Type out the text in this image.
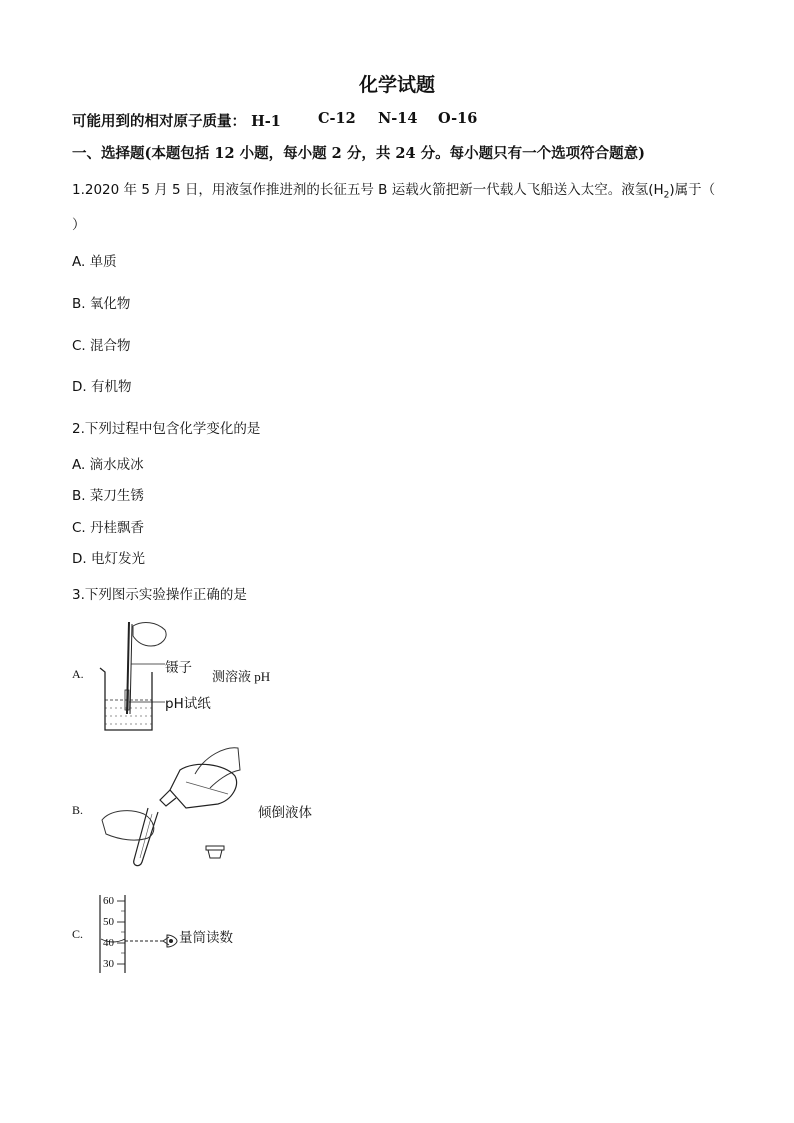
化学试题
可能用到的相对原子质量： H-1	C-12 N-14 O-16
一、选择题(本题包括 12 小题，每小题 2 分，共 24 分。每小题只有一个选项符合题意)
1.2020 年 5 月 5 日，用液氢作推进剂的长征五号 B 运载火箭把新一代载人飞船送入太空。液氢$(H_2)$属于（
）
A. 单质
B. 氧化物
C. 混合物
D. 有机物
2.下列过程中包含化学变化的是
A. 滴水成冰
B. 菜刀生锈
C. 丹桂飘香
D. 电灯发光
3.下列图示实验操作正确的是
A.	镊子
pH试纸
测溶液 pH
B.	倾倒液体
C.
60
50
40
30
量筒读数
